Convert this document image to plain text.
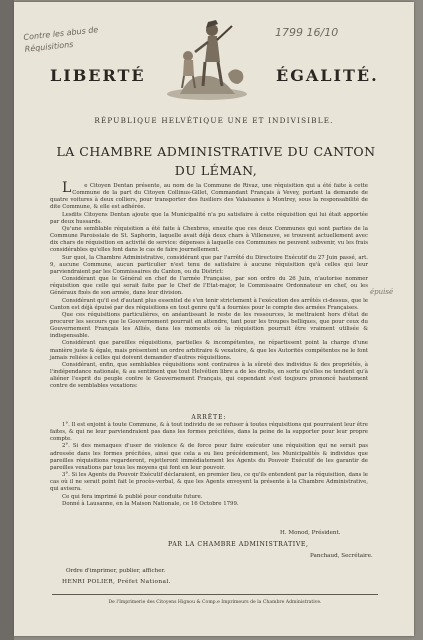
Contre les abus de
Réquisitions
1799 16/10
LIBERTÉ	ÉGALITÉ.
RÉPUBLIQUE HELVÉTIQUE UNE ET INDIVISIBLE.
LA CHAMBRE ADMINISTRATIVE DU CANTON
DU LÉMAN,

Le Citoyen Dentan présente, au nom de la Commune de Rivaz, une réquisition qui a été faite à cette Commune de la part du Citoyen Collinus-Gillet, Commandant Français à Vevey, portant la demande de quatre voitures à deux colliers, pour transporter des fusiliers des Valaisanes à Montrey, sous la responsabilité de dite Commune, & elle est adhérée.

Lesdits Citoyens Dentan ajoute que la Municipalité n'a pu satisfaire à cette réquisition qui lui était apportée par deux hussards.

Qu'une semblable réquisition a été faite à Chexbres, ensuite que ces deux Communes qui sont parties de la Commune Paroissiale de St. Saphorin, laquelle avait déjà deux chars à Villeneuve, se trouvent actuellement avec dix chars de réquisition en activité de service: dépenses à laquelle ces Communes ne peuvent subvenir, vu les frais considérables qu'elles font dans le cas de faire journellement.

Sur quoi, la Chambre Administrative, considérant que par l'arrêté du Directoire Exécutif du 27 Juin passé, art. 9, aucune Commune, aucun particulier n'est tenu de satisfaire à aucune réquisition qu'à celles qui leur parviendraient par les Commissaires du Canton, ou du District:

Considérant que le Général en chef de l'armée Française, par son ordre du 26 Juin, n'autorise nommer réquisition que celle qui serait faite par le Chef de l'Etat-major, le Commissaire Ordonnateur en chef, ou les Généraux fixés de son armée, dans leur division.

Considérant qu'il est d'autant plus essentiel de s'en tenir strictement à l'exécution des arrêtés ci-dessus, que le Canton est déjà épuisé par des réquisitions en tout genre qu'il a fournies pour le compte des armées Françaises.

Que ces réquisitions particulières, en anéantissant le reste de les ressources, le mettraient hors d'état de procurer les secours que le Gouvernement pourrait en attendre, tant pour les troupes belliques, que pour ceux du Gouvernement Français les Alliés, dans les moments où la réquisition pourrait être vraiment utilisée & indispensable.

Considérant que pareilles réquisitions, partielles & incompétentes, ne répartissent point la charge d'une manière juste & égale, mais présentent un ordre arbitraire & vexatoire, & que les Autorités compétentes ne le font jamais reliées à celles qui doivent demander d'autres réquisitions.

Considérant, enfin, que semblables réquisitions sont contraires à la sûreté des individus & des propriétés, à l'indépendance nationale, & au sentiment que tout Helvétien libre a de les droits, en sorte qu'elles ne tendent qu'à aliéner l'esprit du peuple contre le Gouvernement Français, qui cependant s'est toujours prononcé hautement contre de semblables vexations:

épuisé
ARRÊTE:

1°. Il est enjoint à toute Commune, & à tout individu de se refuser à toutes réquisitions qui pourraient leur être faites, & qui ne leur parviendraient pas dans les formes précitées, dans la peine de la supporter pour leur propre compte.

2°. Si des menaques d'user de violence & de force pour faire exécuter une réquisition qui ne serait pas adressée dans les formes précitées, ainsi que cela a eu lieu précédemment, les Municipalités & individus que pareilles réquisitions regarderont, rejetteront immédiatement les Agents du Pouvoir Exécutif de les garantir de pareilles vexations par tous les moyens qui font en leur pouvoir.

3°. Si les Agents du Pouvoir Exécutif déclaraient, en premier lieu, ce qu'ils entendent par la réquisition, dans le cas où il ne serait point fait le procès-verbal, & que les Agents envoyent la présente à la Chambre Administrative, qui avisera.

Ce qui fera imprimé & publié pour conduite future.

Donné à Lausanne, en la Maison Nationale, ce 16 Octobre 1799.

H. Monod, Président.
PAR LA CHAMBRE ADMINISTRATIVE,
Panchaud, Secrétaire.
Ordre d'imprimer, publier, afficher.
HENRI POLIER, Préfet National.
De l'Imprimerie des Citoyens Hignou & Comp.e Imprimeurs de la Chambre Administrative.
